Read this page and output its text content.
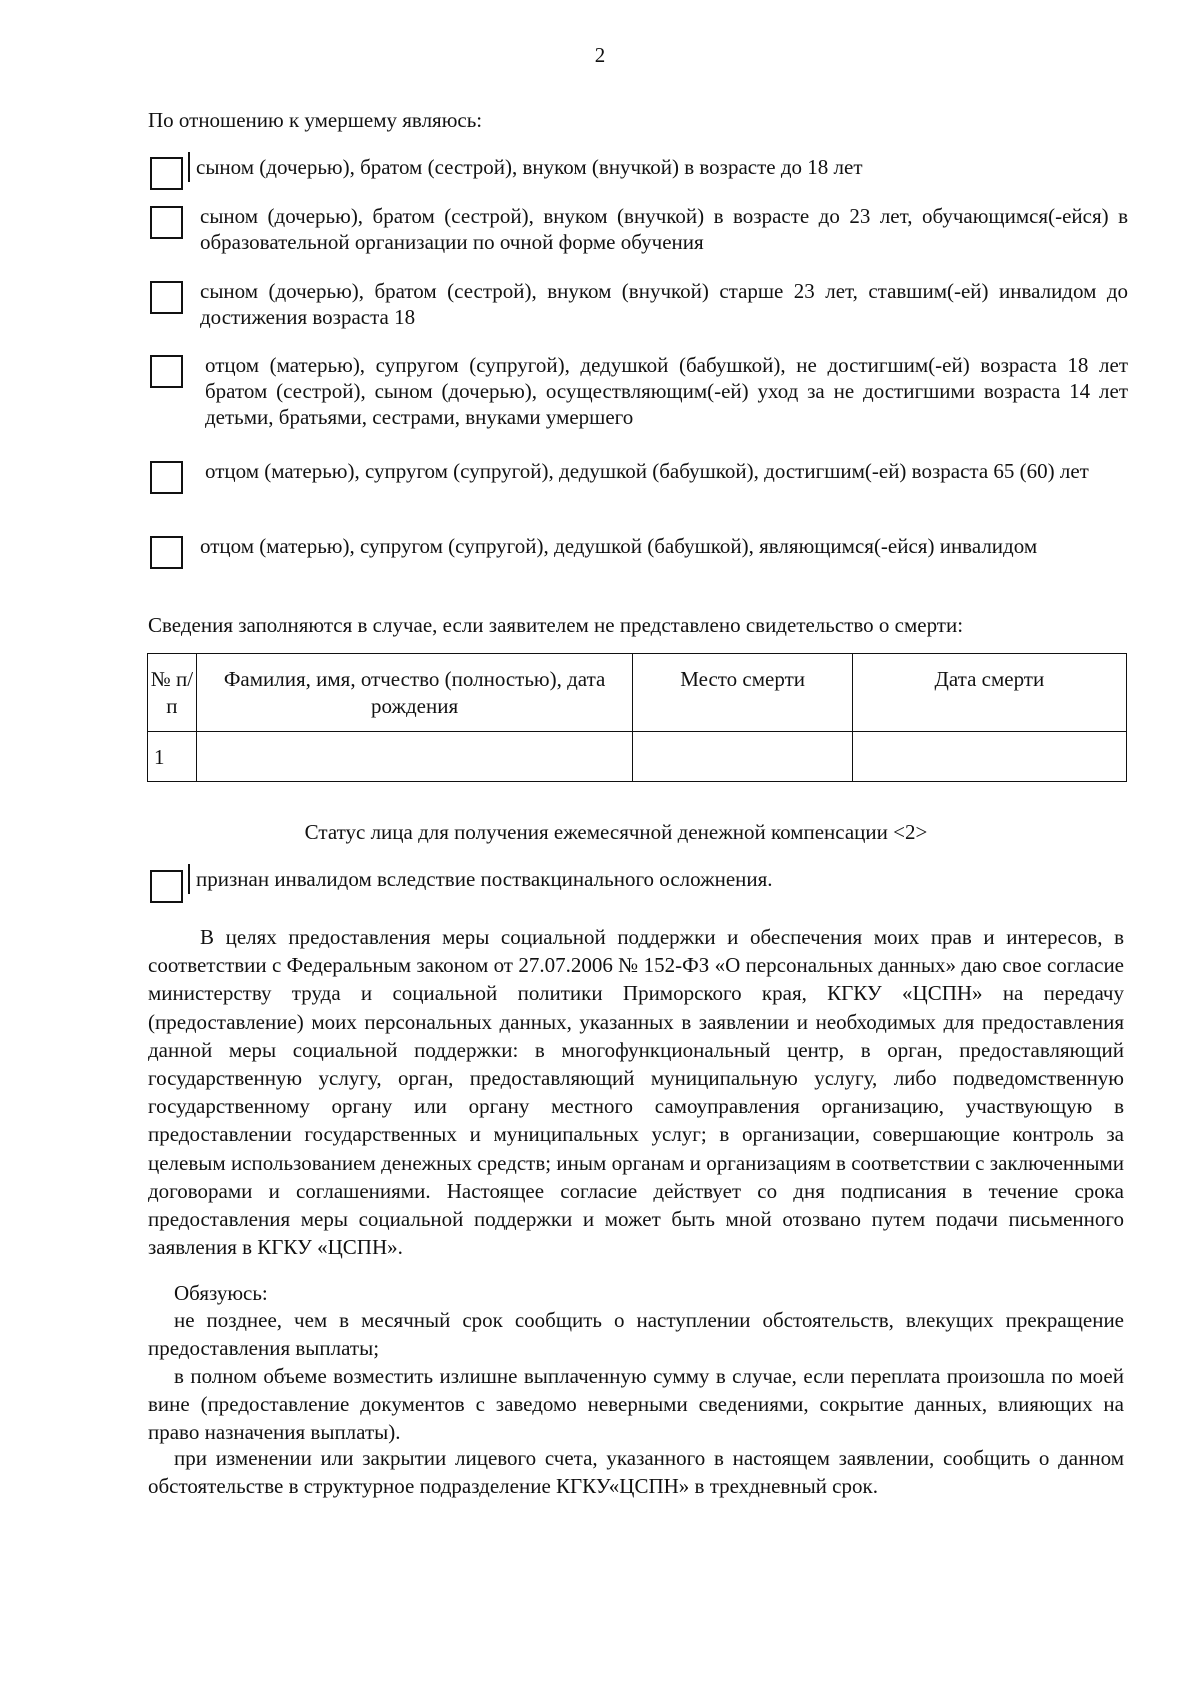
2
По отношению к умершему являюсь:
сыном (дочерью), братом (сестрой), внуком (внучкой) в возрасте до 18 лет
сыном (дочерью), братом (сестрой), внуком (внучкой) в возрасте до 23 лет, обучающимся(-ейся) в образовательной организации по очной форме обучения
сыном (дочерью), братом (сестрой), внуком (внучкой) старше 23 лет, ставшим(-ей) инвалидом до достижения возраста 18
отцом (матерью), супругом (супругой), дедушкой (бабушкой), не достигшим(-ей) возраста 18 лет братом (сестрой), сыном (дочерью), осуществляющим(-ей) уход за не достигшими возраста 14 лет детьми, братьями, сестрами, внуками умершего
отцом (матерью), супругом (супругой), дедушкой (бабушкой), достигшим(-ей) возраста 65 (60) лет
отцом (матерью), супругом (супругой), дедушкой (бабушкой), являющимся(-ейся) инвалидом
Сведения заполняются в случае, если заявителем не представлено свидетельство о смерти:
№ п/п	Фамилия, имя, отчество (полностью), дата рождения	Место смерти	Дата смерти
1			
Статус лица для получения ежемесячной денежной компенсации <2>
признан инвалидом вследствие поствакцинального осложнения.
В целях предоставления меры социальной поддержки и обеспечения моих прав и интересов, в соответствии с Федеральным законом от 27.07.2006 № 152-ФЗ «О персональных данных» даю свое согласие министерству труда и социальной политики Приморского края, КГКУ «ЦСПН» на передачу (предоставление) моих персональных данных, указанных в заявлении и необходимых для предоставления данной меры социальной поддержки: в многофункциональный центр, в орган, предоставляющий государственную услугу, орган, предоставляющий муниципальную услугу, либо подведомственную государственному органу или органу местного самоуправления организацию, участвующую в предоставлении государственных и муниципальных услуг; в организации, совершающие контроль за целевым использованием денежных средств; иным органам и организациям в соответствии с заключенными договорами и соглашениями. Настоящее согласие действует со дня подписания в течение срока предоставления меры социальной поддержки и может быть мной отозвано путем подачи письменного заявления в КГКУ «ЦСПН».
Обязуюсь:
не позднее, чем в месячный срок сообщить о наступлении обстоятельств, влекущих прекращение предоставления выплаты;
в полном объеме возместить излишне выплаченную сумму в случае, если переплата произошла по моей вине (предоставление документов с заведомо неверными сведениями, сокрытие данных, влияющих на право назначения выплаты).
при изменении или закрытии лицевого счета, указанного в настоящем заявлении, сообщить о данном обстоятельстве в структурное подразделение КГКУ«ЦСПН» в трехдневный срок.
